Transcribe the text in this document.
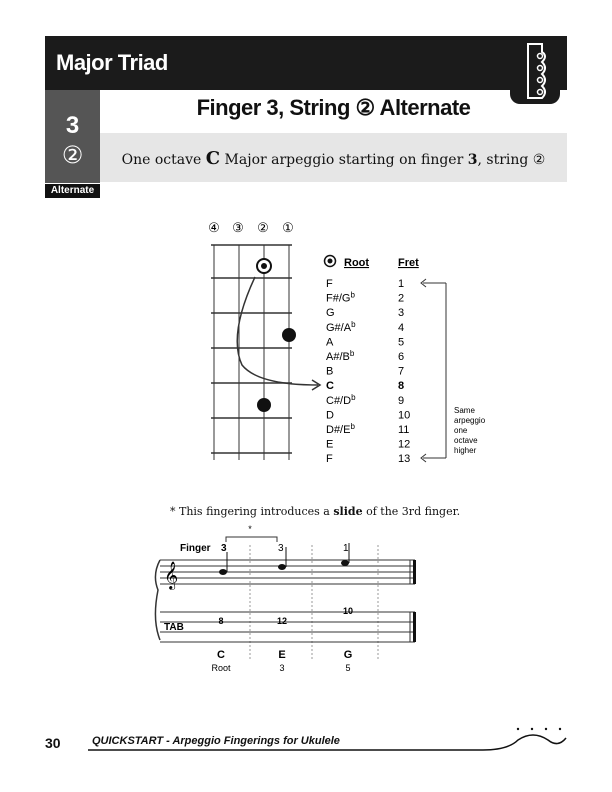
Major Triad
3
②
Alternate
Finger 3, String ② Alternate
One octave C Major arpeggio starting on finger 3, string ②
④ ③ ② ①
Root	Fret
F	1
$F\#/G^b$	2
G	3
$G\#/A^b$	4
A	5
$A\#/B^b$	6
B	7
C	8
$C\#/D^b$	9
D	10
$D\#/E^b$	11
E	12
F	13
Same
arpeggio
one
octave
higher
* This fingering introduces a slide of the 3rd finger.
*
Finger 3	3	1
𝄞
TAB
8	12
10
C	E	G
Root	3	5
30	QUICKSTART - Arpeggio Fingerings for Ukulele
